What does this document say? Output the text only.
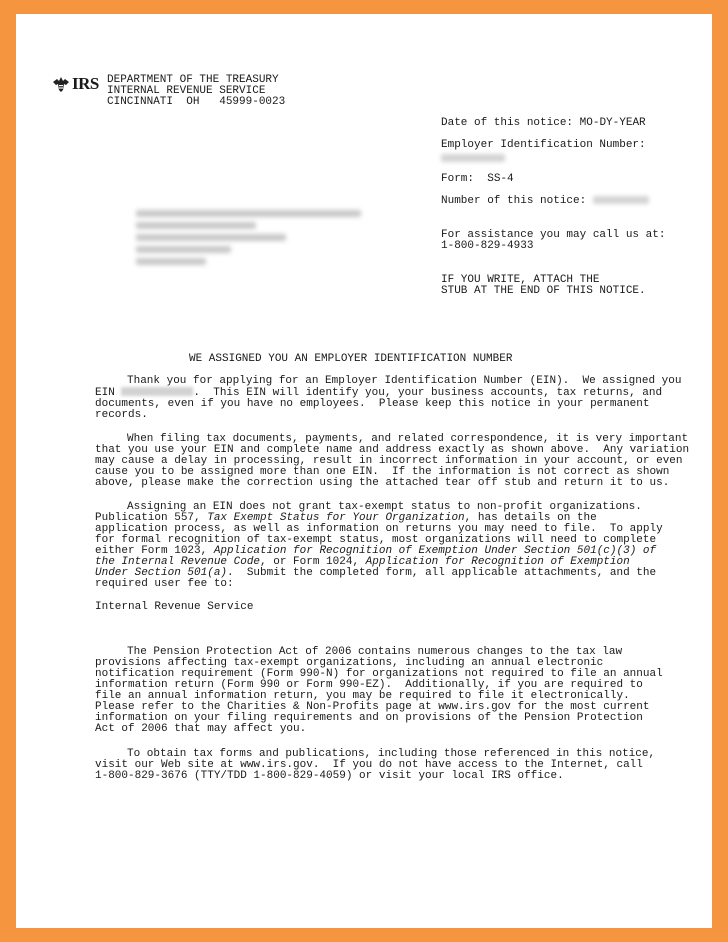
IRS DEPARTMENT OF THE TREASURY
INTERNAL REVENUE SERVICE
CINCINNATI  OH   45999-0023
Date of this notice: MO-DY-YEAR
Employer Identification Number:
Form: SS-4
Number of this notice:
For assistance you may call us at:
1-800-829-4933
IF YOU WRITE, ATTACH THE
STUB AT THE END OF THIS NOTICE.
WE ASSIGNED YOU AN EMPLOYER IDENTIFICATION NUMBER
Thank you for applying for an Employer Identification Number (EIN).  We assigned you
EIN	.  This EIN will identify you, your business accounts, tax returns, and
documents, even if you have no employees.  Please keep this notice in your permanent
records.
When filing tax documents, payments, and related correspondence, it is very important
that you use your EIN and complete name and address exactly as shown above.  Any variation
may cause a delay in processing, result in incorrect information in your account, or even
cause you to be assigned more than one EIN.  If the information is not correct as shown
above, please make the correction using the attached tear off stub and return it to us.
Assigning an EIN does not grant tax-exempt status to non-profit organizations.
Publication 557, Tax Exempt Status for Your Organization, has details on the
application process, as well as information on returns you may need to file.  To apply
for formal recognition of tax-exempt status, most organizations will need to complete
either Form 1023, Application for Recognition of Exemption Under Section 501(c)(3) of
the Internal Revenue Code, or Form 1024, Application for Recognition of Exemption
Under Section 501(a).  Submit the completed form, all applicable attachments, and the
required user fee to:
Internal Revenue Service
The Pension Protection Act of 2006 contains numerous changes to the tax law
provisions affecting tax-exempt organizations, including an annual electronic
notification requirement (Form 990-N) for organizations not required to file an annual
information return (Form 990 or Form 990-EZ).  Additionally, if you are required to
file an annual information return, you may be required to file it electronically.
Please refer to the Charities & Non-Profits page at www.irs.gov for the most current
information on your filing requirements and on provisions of the Pension Protection
Act of 2006 that may affect you.
To obtain tax forms and publications, including those referenced in this notice,
visit our Web site at www.irs.gov.  If you do not have access to the Internet, call
1-800-829-3676 (TTY/TDD 1-800-829-4059) or visit your local IRS office.
